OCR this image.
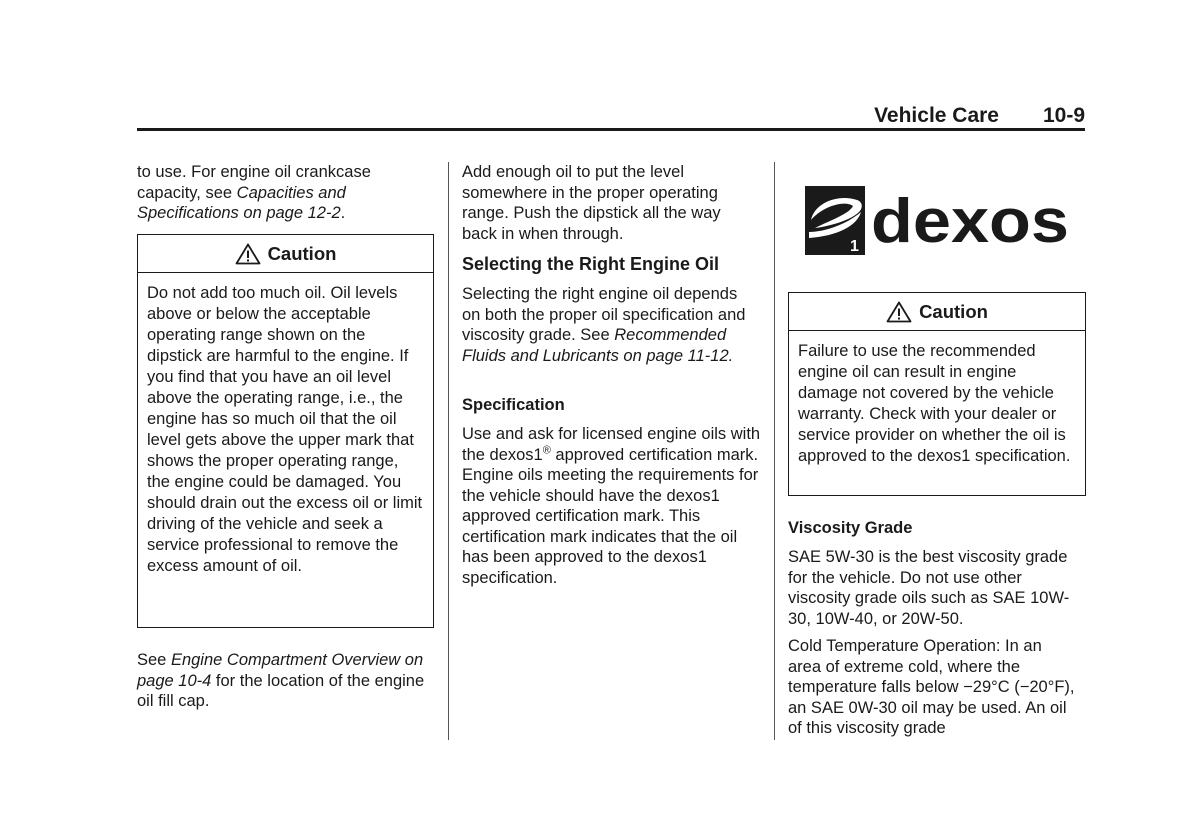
Vehicle Care 10-9

to use. For engine oil crankcase capacity, see Capacities and Specifications on page 12-2.

Caution

Do not add too much oil. Oil levels above or below the acceptable operating range shown on the dipstick are harmful to the engine. If you find that you have an oil level above the operating range, i.e., the engine has so much oil that the oil level gets above the upper mark that shows the proper operating range, the engine could be damaged. You should drain out the excess oil or limit driving of the vehicle and seek a service professional to remove the excess amount of oil.

See Engine Compartment Overview on page 10-4 for the location of the engine oil fill cap.

Add enough oil to put the level somewhere in the proper operating range. Push the dipstick all the way back in when through.

Selecting the Right Engine Oil

Selecting the right engine oil depends on both the proper oil specification and viscosity grade. See Recommended Fluids and Lubricants on page 11-12.

Specification

Use and ask for licensed engine oils with the dexos1® approved certification mark. Engine oils meeting the requirements for the vehicle should have the dexos1 approved certification mark. This certification mark indicates that the oil has been approved to the dexos1 specification.

1 dexos
Caution

Failure to use the recommended engine oil can result in engine damage not covered by the vehicle warranty. Check with your dealer or service provider on whether the oil is approved to the dexos1 specification.

Viscosity Grade

SAE 5W-30 is the best viscosity grade for the vehicle. Do not use other viscosity grade oils such as SAE 10W-30, 10W-40, or 20W-50.

Cold Temperature Operation: In an area of extreme cold, where the temperature falls below −29°C (−20°F), an SAE 0W-30 oil may be used. An oil of this viscosity grade
